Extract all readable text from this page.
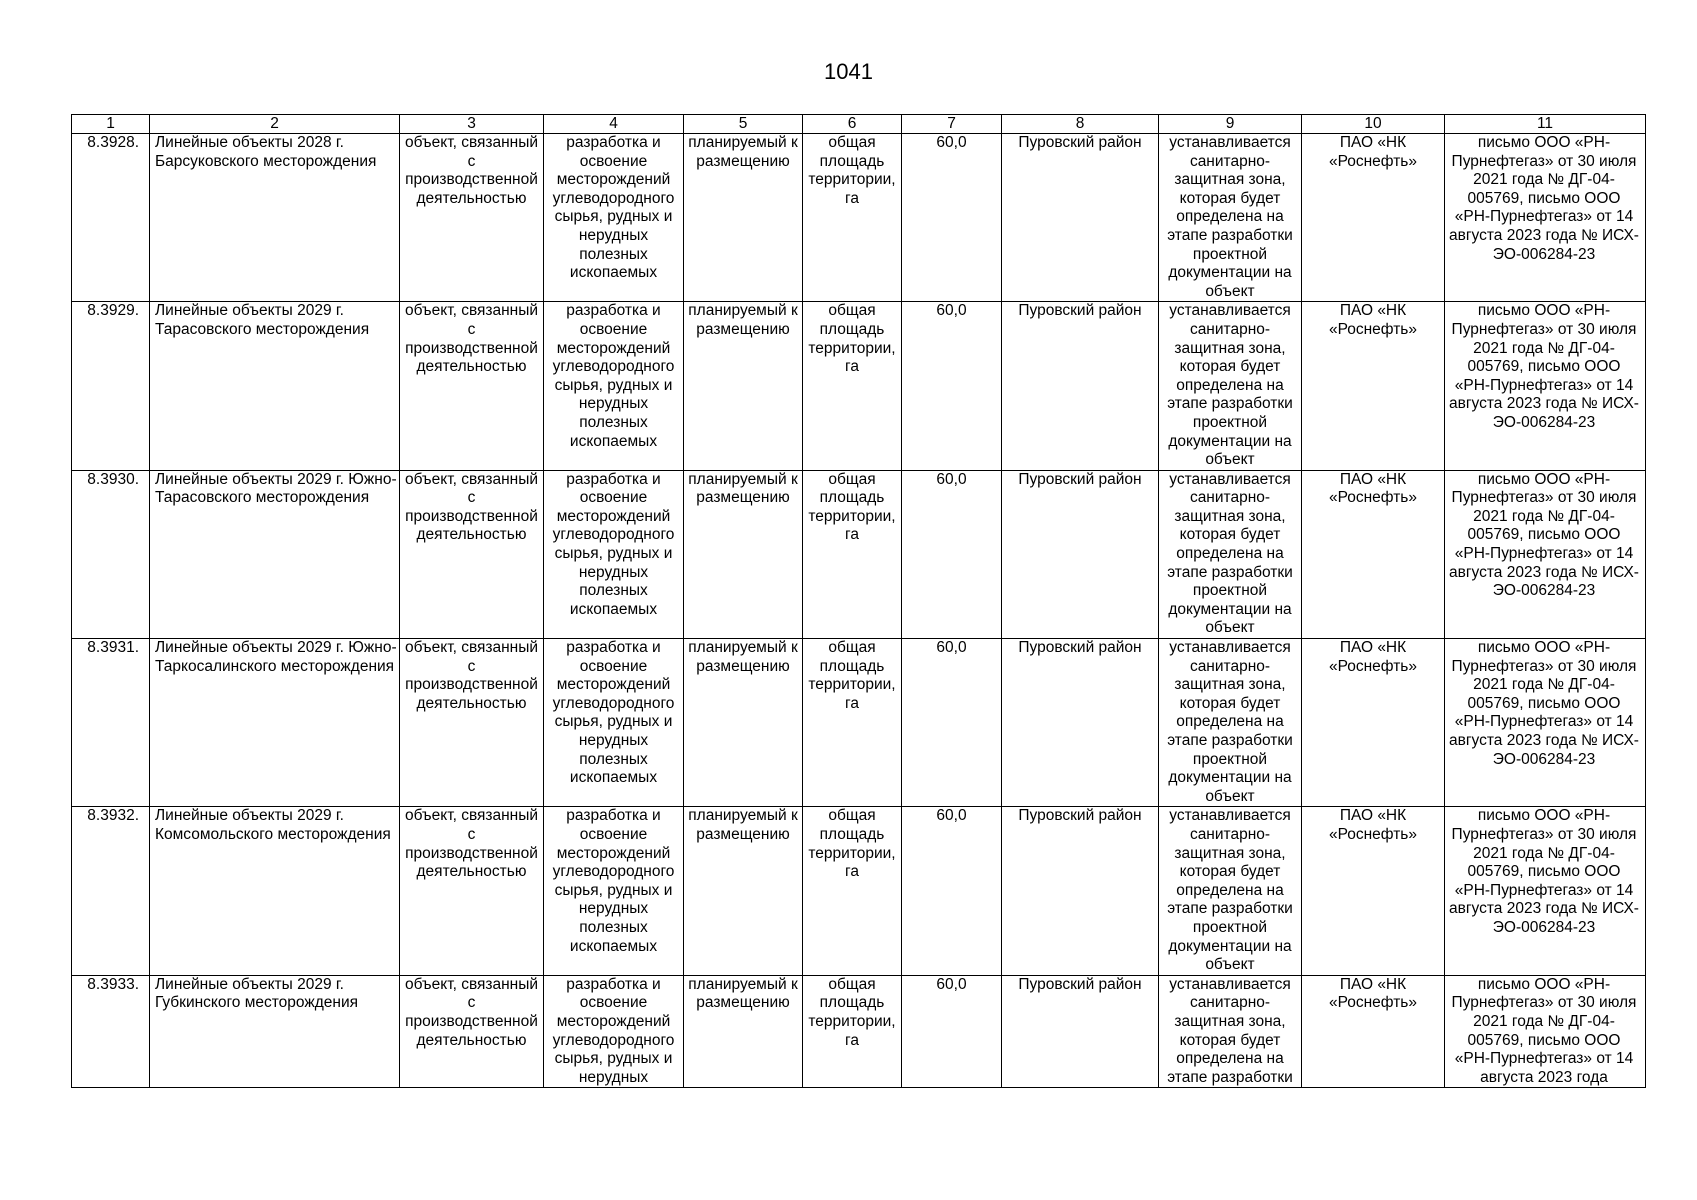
1041
1	2	3	4	5	6	7	8	9	10	11
8.3928.	Линейные объекты 2028 г. Барсуковского месторождения	объект, связанный с производственной деятельностью	разработка и освоение месторождений углеводородного сырья, рудных и нерудных полезных ископаемых	планируемый к размещению	общая площадь территории, га	60,0	Пуровский район	устанавливается санитарно-защитная зона, которая будет определена на этапе разработки проектной документации на объект	ПАО «НК «Роснефть»	письмо ООО «РН-Пурнефтегаз» от 30 июля 2021 года № ДГ-04-005769, письмо ООО «РН-Пурнефтегаз» от 14 августа 2023 года № ИСХ-ЭО-006284-23
8.3929.	Линейные объекты 2029 г. Тарасовского месторождения	объект, связанный с производственной деятельностью	разработка и освоение месторождений углеводородного сырья, рудных и нерудных полезных ископаемых	планируемый к размещению	общая площадь территории, га	60,0	Пуровский район	устанавливается санитарно-защитная зона, которая будет определена на этапе разработки проектной документации на объект	ПАО «НК «Роснефть»	письмо ООО «РН-Пурнефтегаз» от 30 июля 2021 года № ДГ-04-005769, письмо ООО «РН-Пурнефтегаз» от 14 августа 2023 года № ИСХ-ЭО-006284-23
8.3930.	Линейные объекты 2029 г. Южно-Тарасовского месторождения	объект, связанный с производственной деятельностью	разработка и освоение месторождений углеводородного сырья, рудных и нерудных полезных ископаемых	планируемый к размещению	общая площадь территории, га	60,0	Пуровский район	устанавливается санитарно-защитная зона, которая будет определена на этапе разработки проектной документации на объект	ПАО «НК «Роснефть»	письмо ООО «РН-Пурнефтегаз» от 30 июля 2021 года № ДГ-04-005769, письмо ООО «РН-Пурнефтегаз» от 14 августа 2023 года № ИСХ-ЭО-006284-23
8.3931.	Линейные объекты 2029 г. Южно-Таркосалинского месторождения	объект, связанный с производственной деятельностью	разработка и освоение месторождений углеводородного сырья, рудных и нерудных полезных ископаемых	планируемый к размещению	общая площадь территории, га	60,0	Пуровский район	устанавливается санитарно-защитная зона, которая будет определена на этапе разработки проектной документации на объект	ПАО «НК «Роснефть»	письмо ООО «РН-Пурнефтегаз» от 30 июля 2021 года № ДГ-04-005769, письмо ООО «РН-Пурнефтегаз» от 14 августа 2023 года № ИСХ-ЭО-006284-23
8.3932.	Линейные объекты 2029 г. Комсомольского месторождения	объект, связанный с производственной деятельностью	разработка и освоение месторождений углеводородного сырья, рудных и нерудных полезных ископаемых	планируемый к размещению	общая площадь территории, га	60,0	Пуровский район	устанавливается санитарно-защитная зона, которая будет определена на этапе разработки проектной документации на объект	ПАО «НК «Роснефть»	письмо ООО «РН-Пурнефтегаз» от 30 июля 2021 года № ДГ-04-005769, письмо ООО «РН-Пурнефтегаз» от 14 августа 2023 года № ИСХ-ЭО-006284-23
8.3933.	Линейные объекты 2029 г. Губкинского месторождения	объект, связанный с производственной деятельностью	разработка и освоение месторождений углеводородного сырья, рудных и нерудных	планируемый к размещению	общая площадь территории, га	60,0	Пуровский район	устанавливается санитарно-защитная зона, которая будет определена на этапе разработки	ПАО «НК «Роснефть»	письмо ООО «РН-Пурнефтегаз» от 30 июля 2021 года № ДГ-04-005769, письмо ООО «РН-Пурнефтегаз» от 14 августа 2023 года
